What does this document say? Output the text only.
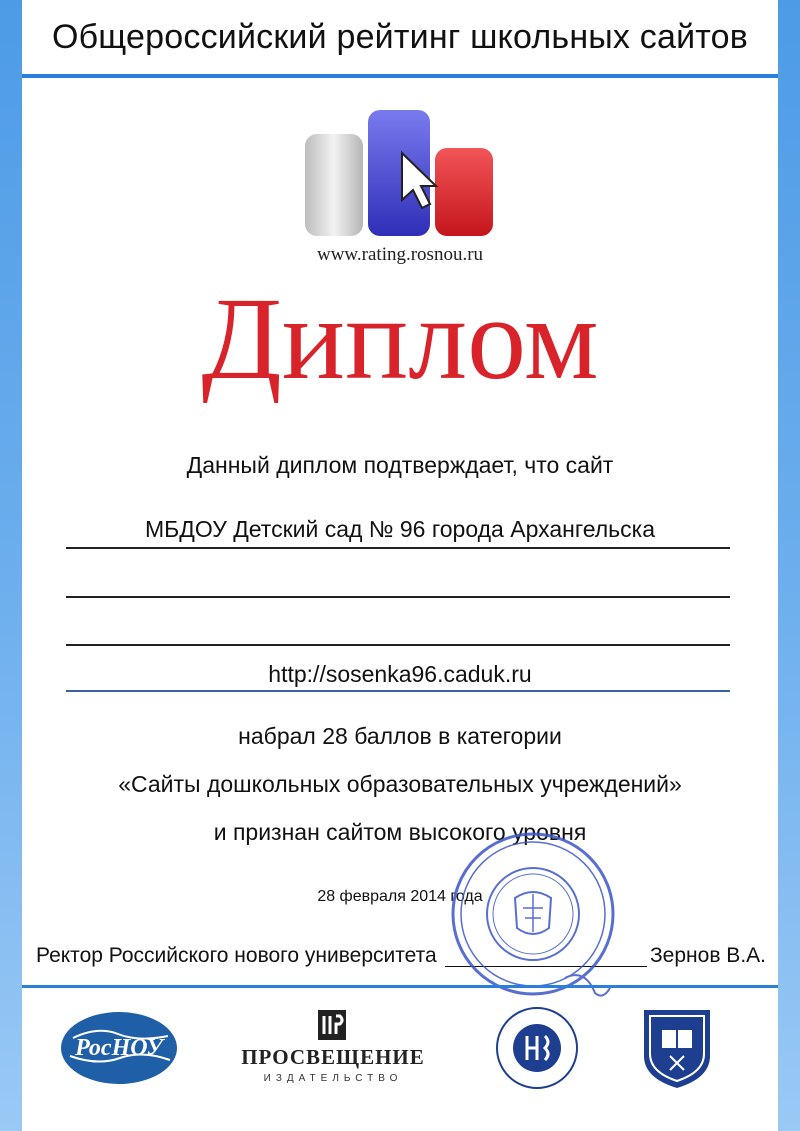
Общероссийский рейтинг школьных сайтов
www.rating.rosnou.ru
Диплом
Данный диплом подтверждает, что сайт
МБДОУ Детский сад № 96 города Архангельска
http://sosenka96.caduk.ru
набрал 28 баллов в категории
«Сайты дошкольных образовательных учреждений»
и признан сайтом высокого уровня
28 февраля 2014 года
Ректор Российского нового университета	Зернов В.А.
РосНОУ	ПРОСВЕЩЕНИЕ
ИЗДАТЕЛЬСТВО
